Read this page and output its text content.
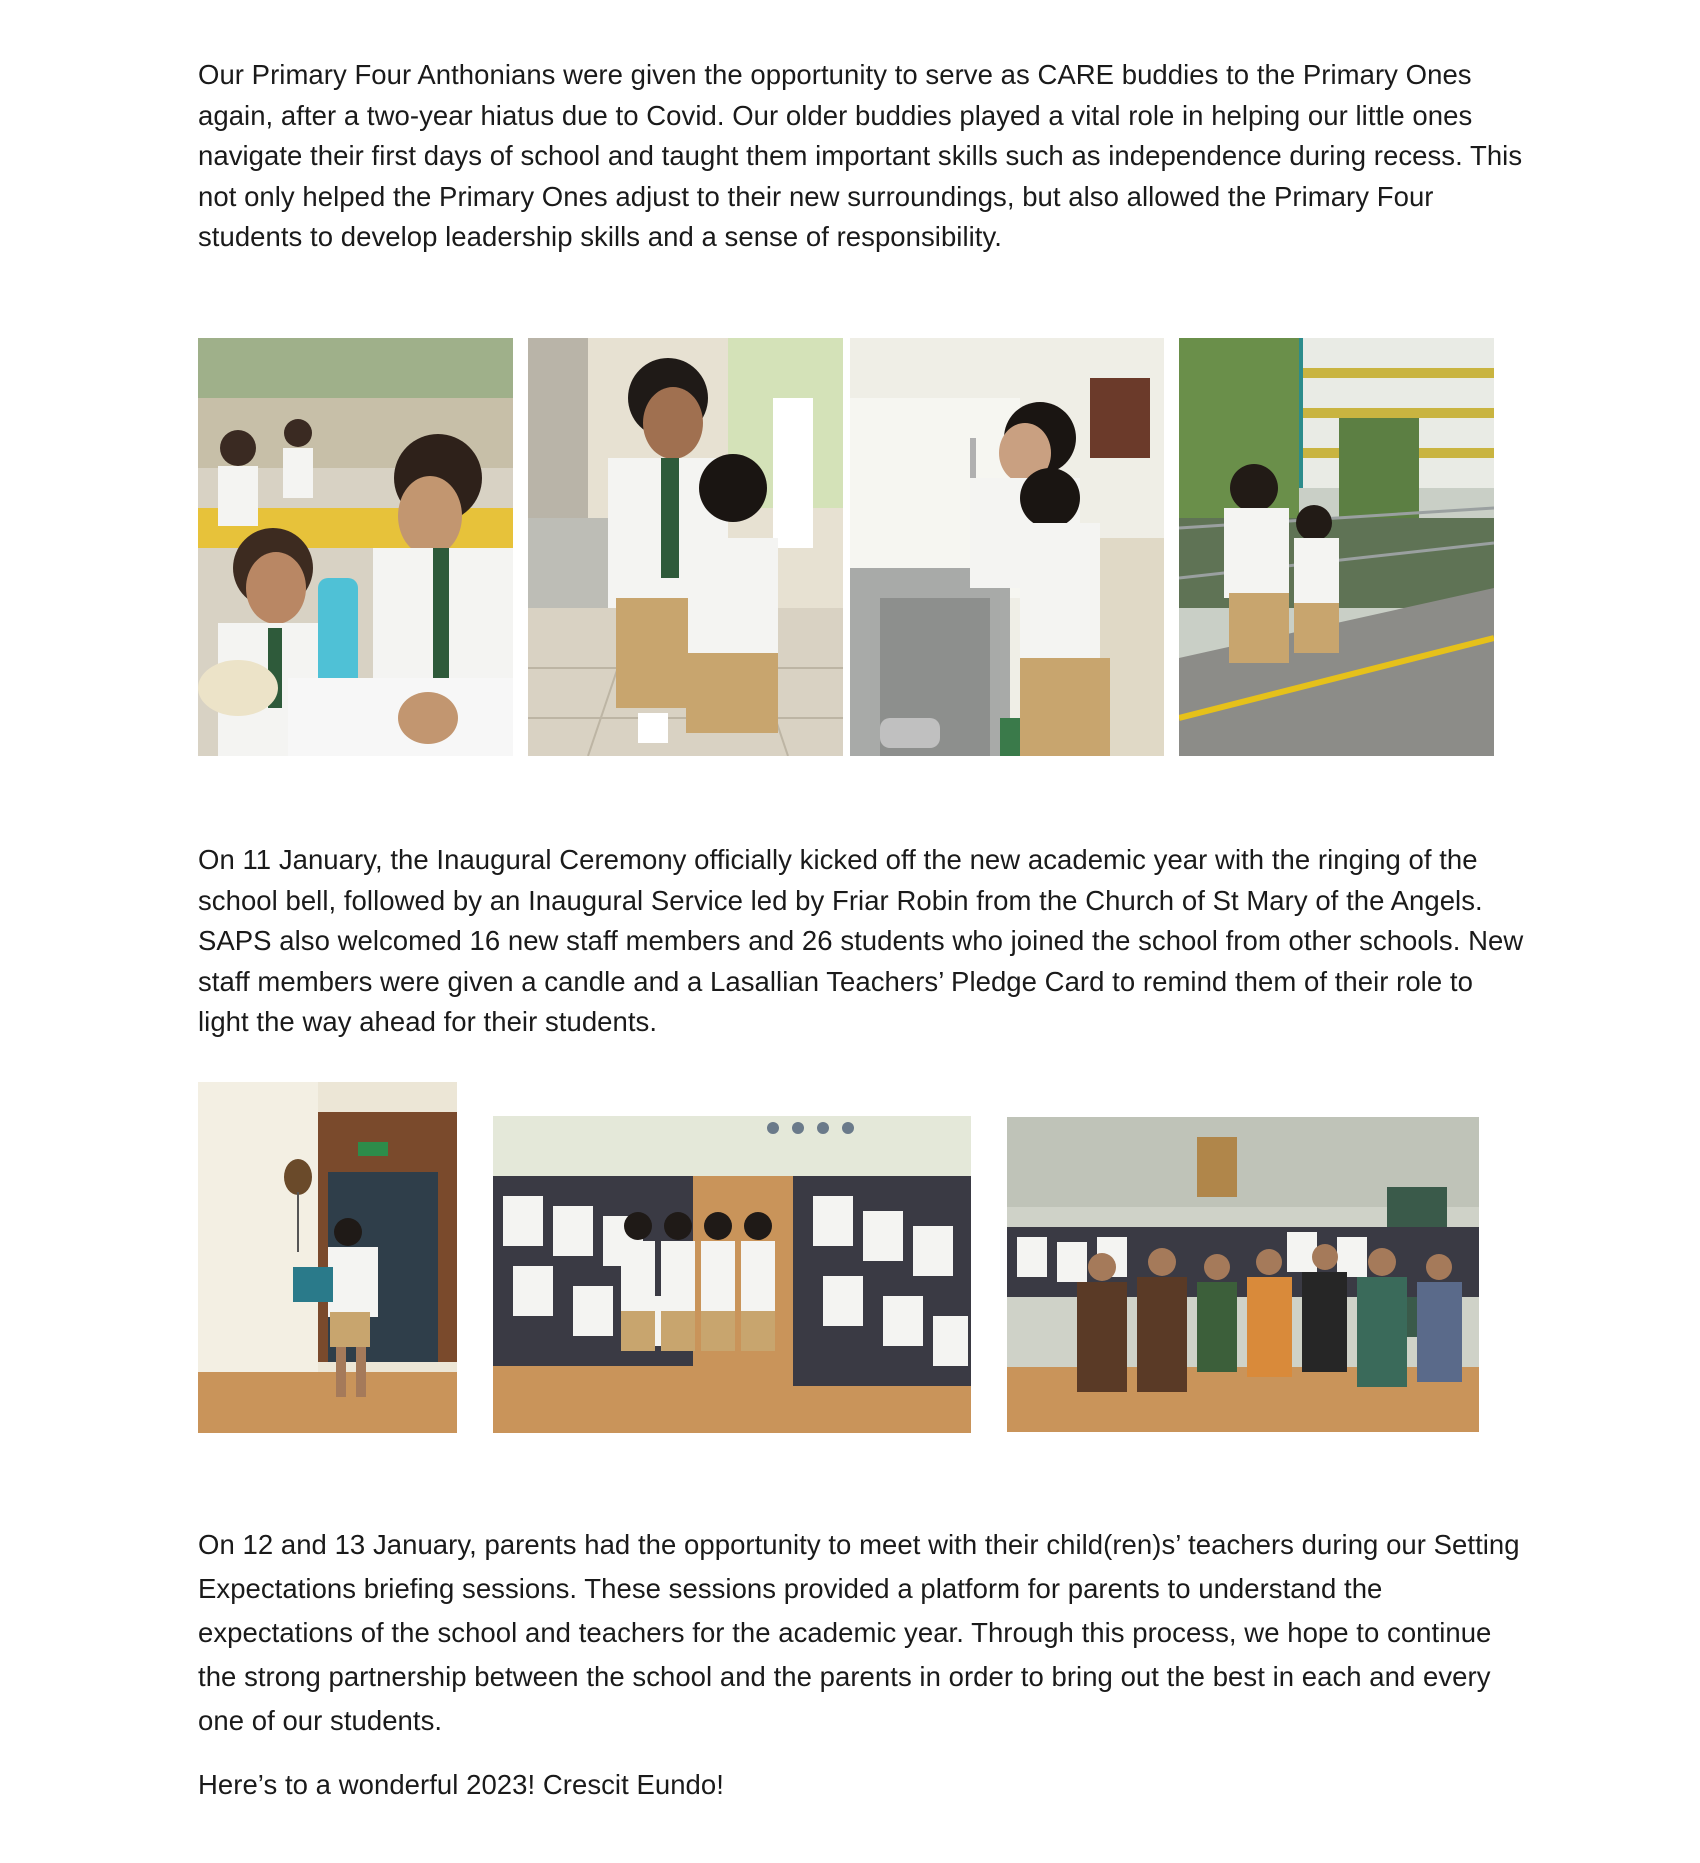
Our Primary Four Anthonians were given the opportunity to serve as CARE buddies to the Primary Ones again, after a two-year hiatus due to Covid. Our older buddies played a vital role in helping our little ones navigate their first days of school and taught them important skills such as independence during recess. This not only helped the Primary Ones adjust to their new surroundings, but also allowed the Primary Four students to develop leadership skills and a sense of responsibility.

On 11 January, the Inaugural Ceremony officially kicked off the new academic year with the ringing of the school bell, followed by an Inaugural Service led by Friar Robin from the Church of St Mary of the Angels. SAPS also welcomed 16 new staff members and 26 students who joined the school from other schools. New staff members were given a candle and a Lasallian Teachers’ Pledge Card to remind them of their role to light the way ahead for their students.

On 12 and 13 January, parents had the opportunity to meet with their child(ren)s’ teachers during our Setting Expectations briefing sessions. These sessions provided a platform for parents to understand the expectations of the school and teachers for the academic year. Through this process, we hope to continue the strong partnership between the school and the parents in order to bring out the best in each and every one of our students.

Here’s to a wonderful 2023! Crescit Eundo!
